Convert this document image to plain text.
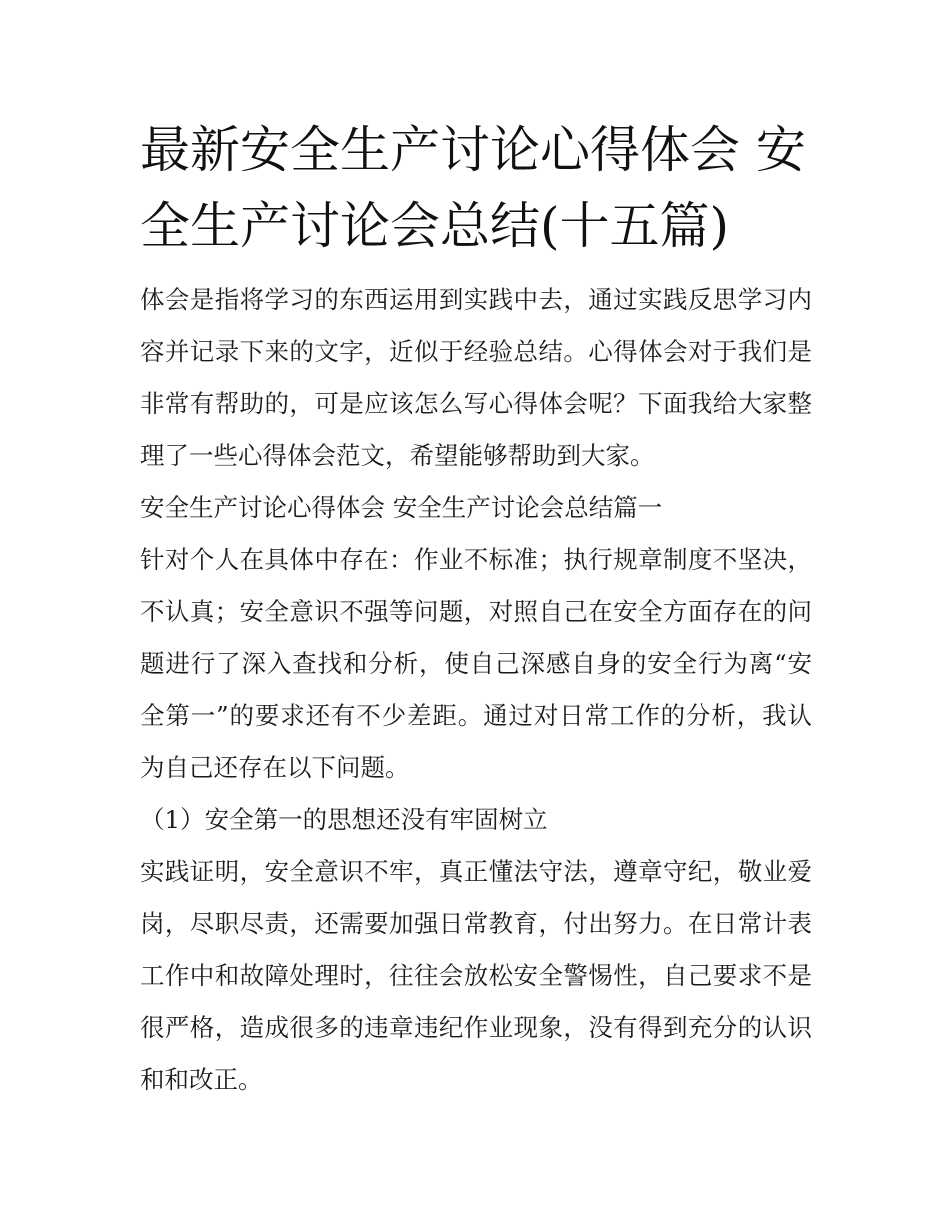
最新安全生产讨论心得体会 安全生产讨论会总结(十五篇)

体会是指将学习的东西运用到实践中去，通过实践反思学习内容并记录下来的文字，近似于经验总结。心得体会对于我们是非常有帮助的，可是应该怎么写心得体会呢？下面我给大家整理了一些心得体会范文，希望能够帮助到大家。

安全生产讨论心得体会 安全生产讨论会总结篇一

针对个人在具体中存在：作业不标准；执行规章制度不坚决，不认真；安全意识不强等问题，对照自己在安全方面存在的问题进行了深入查找和分析，使自己深感自身的安全行为离“安全第一”的要求还有不少差距。通过对日常工作的分析，我认为自己还存在以下问题。

（1）安全第一的思想还没有牢固树立

实践证明，安全意识不牢，真正懂法守法，遵章守纪，敬业爱岗，尽职尽责，还需要加强日常教育，付出努力。在日常计表工作中和故障处理时，往往会放松安全警惕性，自己要求不是很严格，造成很多的违章违纪作业现象，没有得到充分的认识和和改正。
